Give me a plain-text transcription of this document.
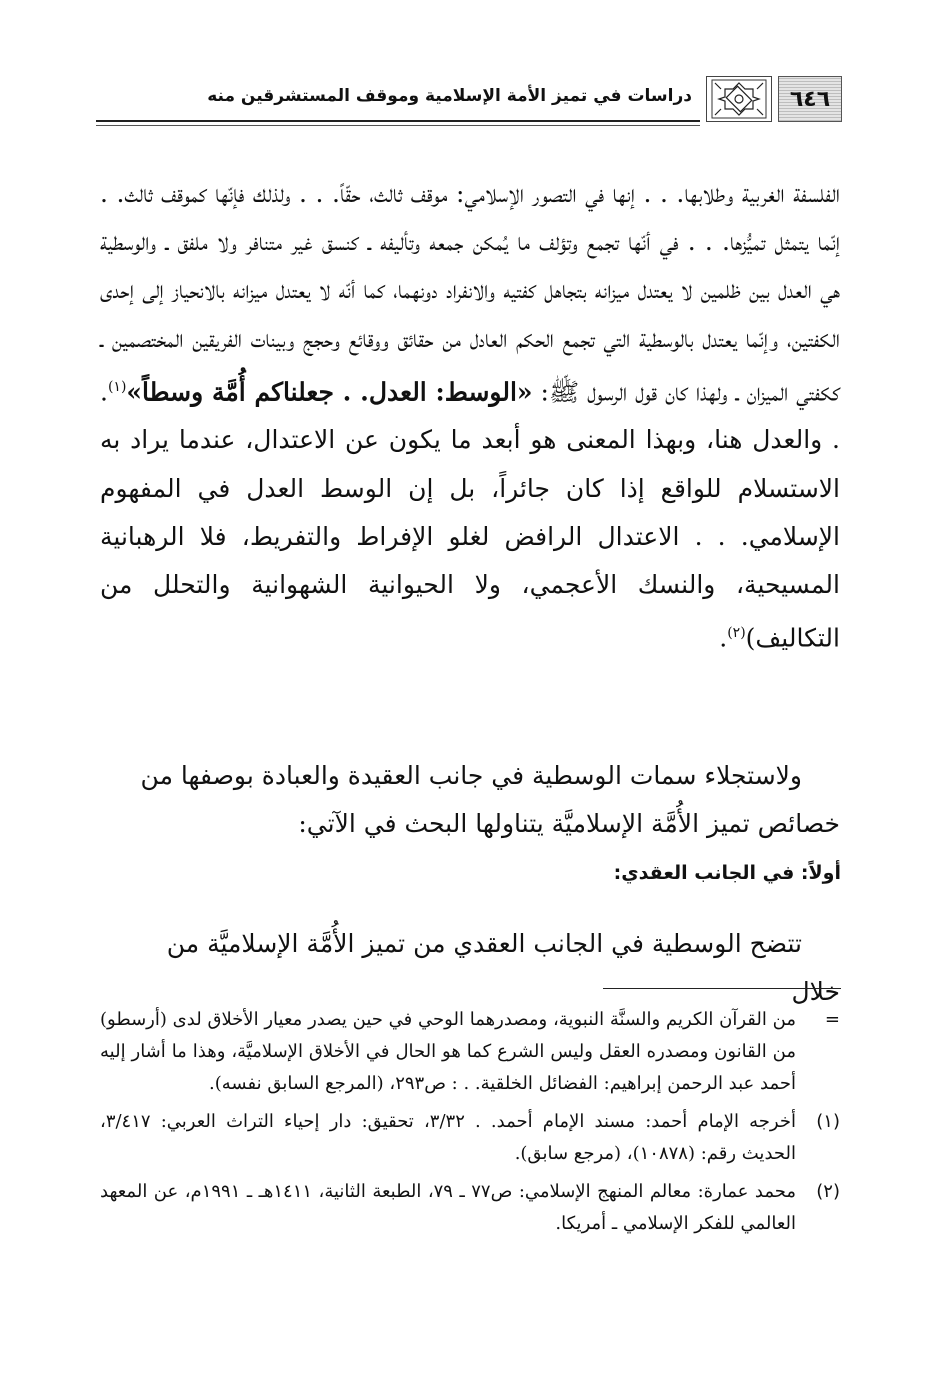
٦٤٦
دراسات في تميز الأمة الإسلامية وموقف المستشرقين منه

الفلسفة الغربية وطلابها. . . إنها في التصور الإسلامي: موقف ثالث، حقّاً. . . ولذلك فإنّها كموقف ثالث. . إنّما يتمثل تميُّزها. . . في أنّها تجمع وتؤلف ما يُمكن جمعه وتأليفه ـ كنسق غير متنافر ولا ملفق ـ والوسطية هي العدل بين ظلمين لا يعتدل ميزانه بتجاهل كفتيه والانفراد دونهما، كما أنّه لا يعتدل ميزانه بالانحياز إلى إحدى الكفتين، وإنّما يعتدل بالوسطية التي تجمع الحكم العادل من حقائق ووقائع وحجج وبينات الفريقين المختصمين ـ ككفتي الميزان ـ ولهذا كان قول الرسول ﷺ: «الوسط: العدل. . جعلناكم أُمَّة وسطاً»$^{(١)}$. . والعدل هنا، وبهذا المعنى هو أبعد ما يكون عن الاعتدال، عندما يراد به الاستسلام للواقع إذا كان جائراً، بل إن الوسط العدل في المفهوم الإسلامي. . . الاعتدال الرافض لغلو الإفراط والتفريط، فلا الرهبانية المسيحية، والنسك الأعجمي، ولا الحيوانية الشهوانية والتحلل من التكاليف)$^{(٢)}$.

ولاستجلاء سمات الوسطية في جانب العقيدة والعبادة بوصفها من خصائص تميز الأُمَّة الإسلاميَّة يتناولها البحث في الآتي:

أولاً: في الجانب العقدي:

تتضح الوسطية في الجانب العقدي من تميز الأُمَّة الإسلاميَّة من خلال

=
من القرآن الكريم والسنَّة النبوية، ومصدرهما الوحي في حين يصدر معيار الأخلاق لدى (أرسطو) من القانون ومصدره العقل وليس الشرع كما هو الحال في الأخلاق الإسلاميَّة، وهذا ما أشار إليه أحمد عبد الرحمن إبراهيم: الفضائل الخلقية. . : ص٢٩٣، (المرجع السابق نفسه).
(١)
أخرجه الإمام أحمد: مسند الإمام أحمد. . ٣/٣٢، تحقيق: دار إحياء التراث العربي: ٣/٤١٧، الحديث رقم: (١٠٨٧٨)، (مرجع سابق).
(٢)
محمد عمارة: معالم المنهج الإسلامي: ص٧٧ ـ ٧٩، الطبعة الثانية، ١٤١١هـ ـ ١٩٩١م، عن المعهد العالمي للفكر الإسلامي ـ أمريكا.
